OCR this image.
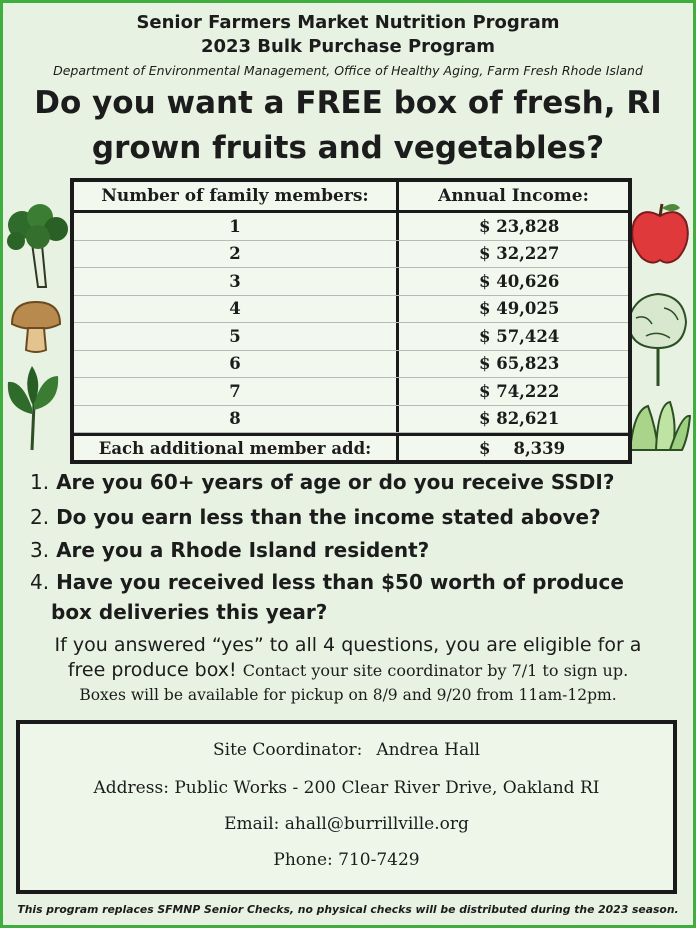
Senior Farmers Market Nutrition Program
2023 Bulk Purchase Program
Department of Environmental Management, Office of Healthy Aging, Farm Fresh Rhode Island
Do you want a FREE box of fresh, RI
grown fruits and vegetables?
Number of family members:	Annual Income:
1	$ 23,828
2	$ 32,227
3	$ 40,626
4	$ 49,025
5	$ 57,424
6	$ 65,823
7	$ 74,222
8	$ 82,621
Each additional member add:	$    8,339
1. Are you 60+ years of age or do you receive SSDI?
2. Do you earn less than the income stated above?
3. Are you a Rhode Island resident?
4. Have you received less than $50 worth of produce
box deliveries this year?
If you answered “yes” to all 4 questions, you are eligible for a
free produce box! Contact your site coordinator by 7/1 to sign up.
Boxes will be available for pickup on 8/9 and 9/20 from 11am-12pm.
Site Coordinator: Andrea Hall
Address: Public Works - 200 Clear River Drive, Oakland RI
Email: ahall@burrillville.org
Phone: 710-7429
This program replaces SFMNP Senior Checks, no physical checks will be distributed during the 2023 season.
